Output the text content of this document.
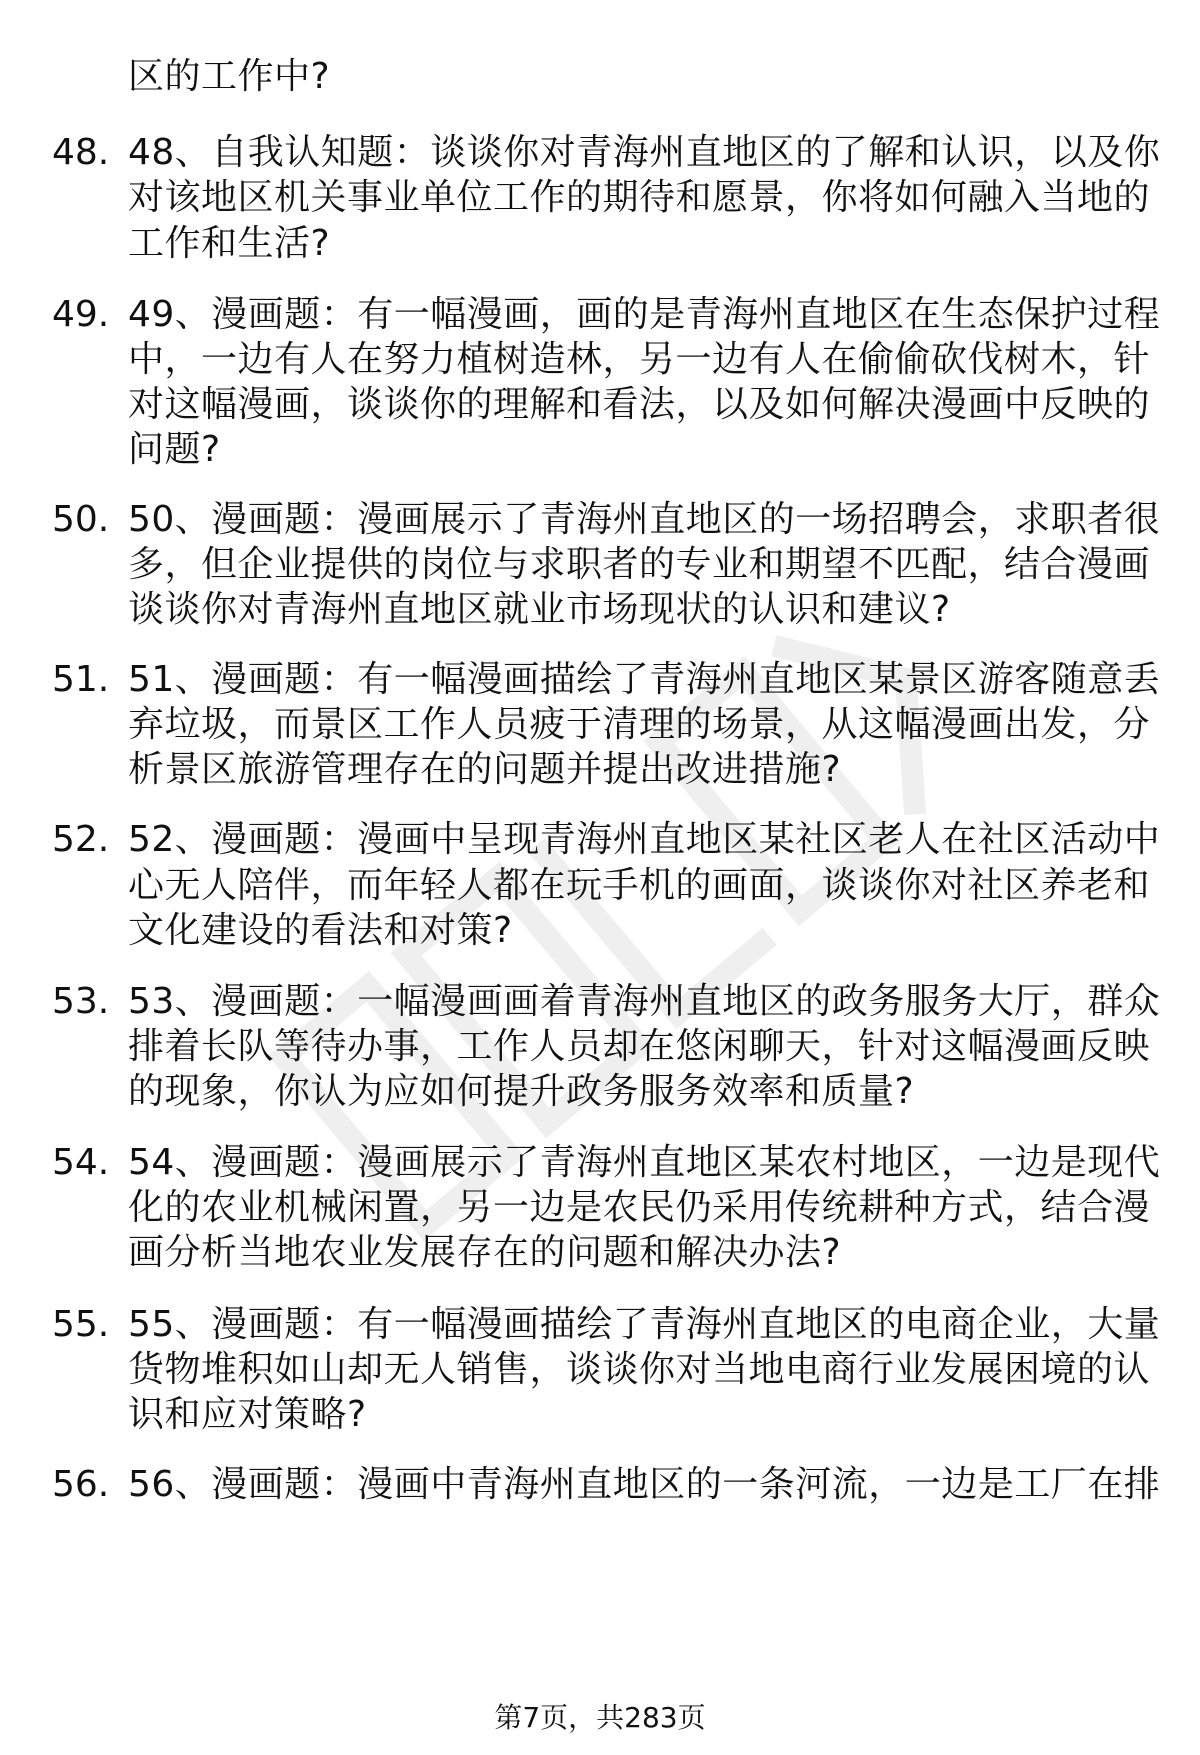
48.
49.
50.
51.
52.
53.
54.
55.
56.
区的工作中?
48、自我认知题：谈谈你对青海州直地区的了解和认识，以及你
对该地区机关事业单位工作的期待和愿景，你将如何融入当地的
工作和生活?
49、漫画题：有一幅漫画，画的是青海州直地区在生态保护过程
中，一边有人在努力植树造林，另一边有人在偷偷砍伐树木，针
对这幅漫画，谈谈你的理解和看法，以及如何解决漫画中反映的
问题?
50、漫画题：漫画展示了青海州直地区的一场招聘会，求职者很
多，但企业提供的岗位与求职者的专业和期望不匹配，结合漫画
谈谈你对青海州直地区就业市场现状的认识和建议?
51、漫画题：有一幅漫画描绘了青海州直地区某景区游客随意丢
弃垃圾，而景区工作人员疲于清理的场景，从这幅漫画出发，分
析景区旅游管理存在的问题并提出改进措施?
52、漫画题：漫画中呈现青海州直地区某社区老人在社区活动中
心无人陪伴，而年轻人都在玩手机的画面，谈谈你对社区养老和
文化建设的看法和对策?
53、漫画题：一幅漫画画着青海州直地区的政务服务大厅，群众
排着长队等待办事，工作人员却在悠闲聊天，针对这幅漫画反映
的现象，你认为应如何提升政务服务效率和质量?
54、漫画题：漫画展示了青海州直地区某农村地区，一边是现代
化的农业机械闲置，另一边是农民仍采用传统耕种方式，结合漫
画分析当地农业发展存在的问题和解决办法?
55、漫画题：有一幅漫画描绘了青海州直地区的电商企业，大量
货物堆积如山却无人销售，谈谈你对当地电商行业发展困境的认
识和应对策略?
56、漫画题：漫画中青海州直地区的一条河流，一边是工厂在排
第7页，共283页
